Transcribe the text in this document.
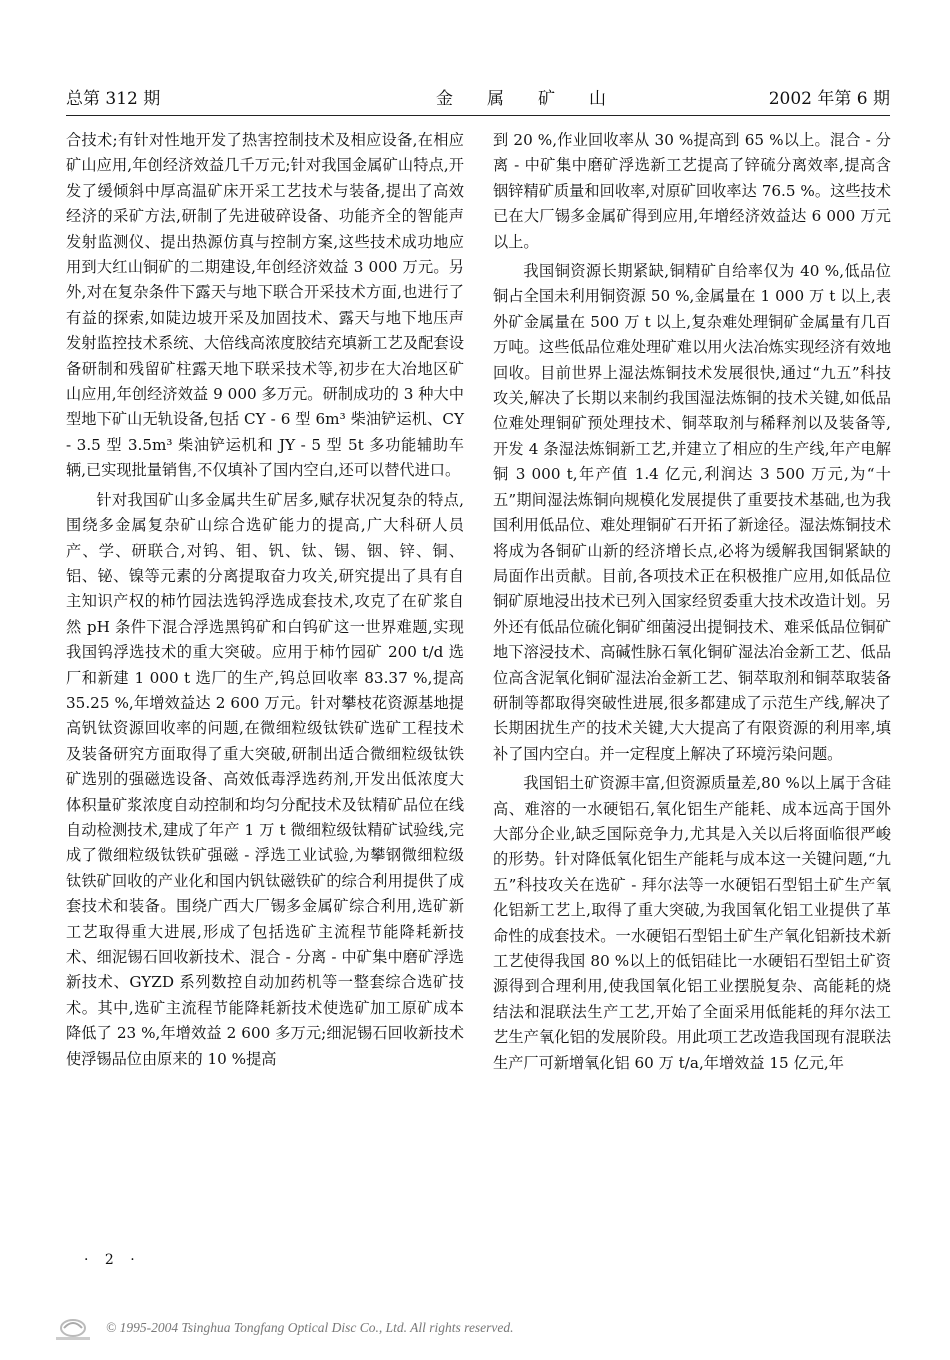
总第 312 期	金属矿山	2002 年第 6 期

合技术;有针对性地开发了热害控制技术及相应设备,在相应矿山应用,年创经济效益几千万元;针对我国金属矿山特点,开发了缓倾斜中厚高温矿床开采工艺技术与装备,提出了高效经济的采矿方法,研制了先进破碎设备、功能齐全的智能声发射监测仪、提出热源仿真与控制方案,这些技术成功地应用到大红山铜矿的二期建设,年创经济效益 3 000 万元。另外,对在复杂条件下露天与地下联合开采技术方面,也进行了有益的探索,如陡边坡开采及加固技术、露天与地下地压声发射监控技术系统、大倍线高浓度胶结充填新工艺及配套设备研制和残留矿柱露天地下联采技术等,初步在大冶地区矿山应用,年创经济效益 9 000 多万元。研制成功的 3 种大中型地下矿山无轨设备,包括 CY - 6 型 6m³ 柴油铲运机、CY - 3.5 型 3.5m³ 柴油铲运机和 JY - 5 型 5t 多功能辅助车辆,已实现批量销售,不仅填补了国内空白,还可以替代进口。

针对我国矿山多金属共生矿居多,赋存状况复杂的特点,围绕多金属复杂矿山综合选矿能力的提高,广大科研人员产、学、研联合,对钨、钼、钒、钛、锡、铟、锌、铜、铝、铋、镍等元素的分离提取奋力攻关,研究提出了具有自主知识产权的柿竹园法选钨浮选成套技术,攻克了在矿浆自然 pH 条件下混合浮选黑钨矿和白钨矿这一世界难题,实现我国钨浮选技术的重大突破。应用于柿竹园矿 200 t/d 选厂和新建 1 000 t 选厂的生产,钨总回收率 83.37 %,提高 35.25 %,年增效益达 2 600 万元。针对攀枝花资源基地提高钒钛资源回收率的问题,在微细粒级钛铁矿选矿工程技术及装备研究方面取得了重大突破,研制出适合微细粒级钛铁矿选别的强磁选设备、高效低毒浮选药剂,开发出低浓度大体积量矿浆浓度自动控制和均匀分配技术及钛精矿品位在线自动检测技术,建成了年产 1 万 t 微细粒级钛精矿试验线,完成了微细粒级钛铁矿强磁 - 浮选工业试验,为攀钢微细粒级钛铁矿回收的产业化和国内钒钛磁铁矿的综合利用提供了成套技术和装备。围绕广西大厂锡多金属矿综合利用,选矿新工艺取得重大进展,形成了包括选矿主流程节能降耗新技术、细泥锡石回收新技术、混合 - 分离 - 中矿集中磨矿浮选新技术、GYZD 系列数控自动加药机等一整套综合选矿技术。其中,选矿主流程节能降耗新技术使选矿加工原矿成本降低了 23 %,年增效益 2 600 多万元;细泥锡石回收新技术使浮锡品位由原来的 10 %提高

到 20 %,作业回收率从 30 %提高到 65 %以上。混合 - 分离 - 中矿集中磨矿浮选新工艺提高了锌硫分离效率,提高含铟锌精矿质量和回收率,对原矿回收率达 76.5 %。这些技术已在大厂锡多金属矿得到应用,年增经济效益达 6 000 万元以上。

我国铜资源长期紧缺,铜精矿自给率仅为 40 %,低品位铜占全国未利用铜资源 50 %,金属量在 1 000 万 t 以上,表外矿金属量在 500 万 t 以上,复杂难处理铜矿金属量有几百万吨。这些低品位难处理矿难以用火法冶炼实现经济有效地回收。目前世界上湿法炼铜技术发展很快,通过“九五”科技攻关,解决了长期以来制约我国湿法炼铜的技术关键,如低品位难处理铜矿预处理技术、铜萃取剂与稀释剂以及装备等,开发 4 条湿法炼铜新工艺,并建立了相应的生产线,年产电解铜 3 000 t,年产值 1.4 亿元,利润达 3 500 万元,为“十五”期间湿法炼铜向规模化发展提供了重要技术基础,也为我国利用低品位、难处理铜矿石开拓了新途径。湿法炼铜技术将成为各铜矿山新的经济增长点,必将为缓解我国铜紧缺的局面作出贡献。目前,各项技术正在积极推广应用,如低品位铜矿原地浸出技术已列入国家经贸委重大技术改造计划。另外还有低品位硫化铜矿细菌浸出提铜技术、难采低品位铜矿地下溶浸技术、高碱性脉石氧化铜矿湿法冶金新工艺、低品位高含泥氧化铜矿湿法冶金新工艺、铜萃取剂和铜萃取装备研制等都取得突破性进展,很多都建成了示范生产线,解决了长期困扰生产的技术关键,大大提高了有限资源的利用率,填补了国内空白。并一定程度上解决了环境污染问题。

我国铝土矿资源丰富,但资源质量差,80 %以上属于含硅高、难溶的一水硬铝石,氧化铝生产能耗、成本远高于国外大部分企业,缺乏国际竞争力,尤其是入关以后将面临很严峻的形势。针对降低氧化铝生产能耗与成本这一关键问题,“九五”科技攻关在选矿 - 拜尔法等一水硬铝石型铝土矿生产氧化铝新工艺上,取得了重大突破,为我国氧化铝工业提供了革命性的成套技术。一水硬铝石型铝土矿生产氧化铝新技术新工艺使得我国 80 %以上的低铝硅比一水硬铝石型铝土矿资源得到合理利用,使我国氧化铝工业摆脱复杂、高能耗的烧结法和混联法生产工艺,开始了全面采用低能耗的拜尔法工艺生产氧化铝的发展阶段。用此项工艺改造我国现有混联法生产厂可新增氧化铝 60 万 t/a,年增效益 15 亿元,年

· 2 ·
© 1995-2004 Tsinghua Tongfang Optical Disc Co., Ltd. All rights reserved.
